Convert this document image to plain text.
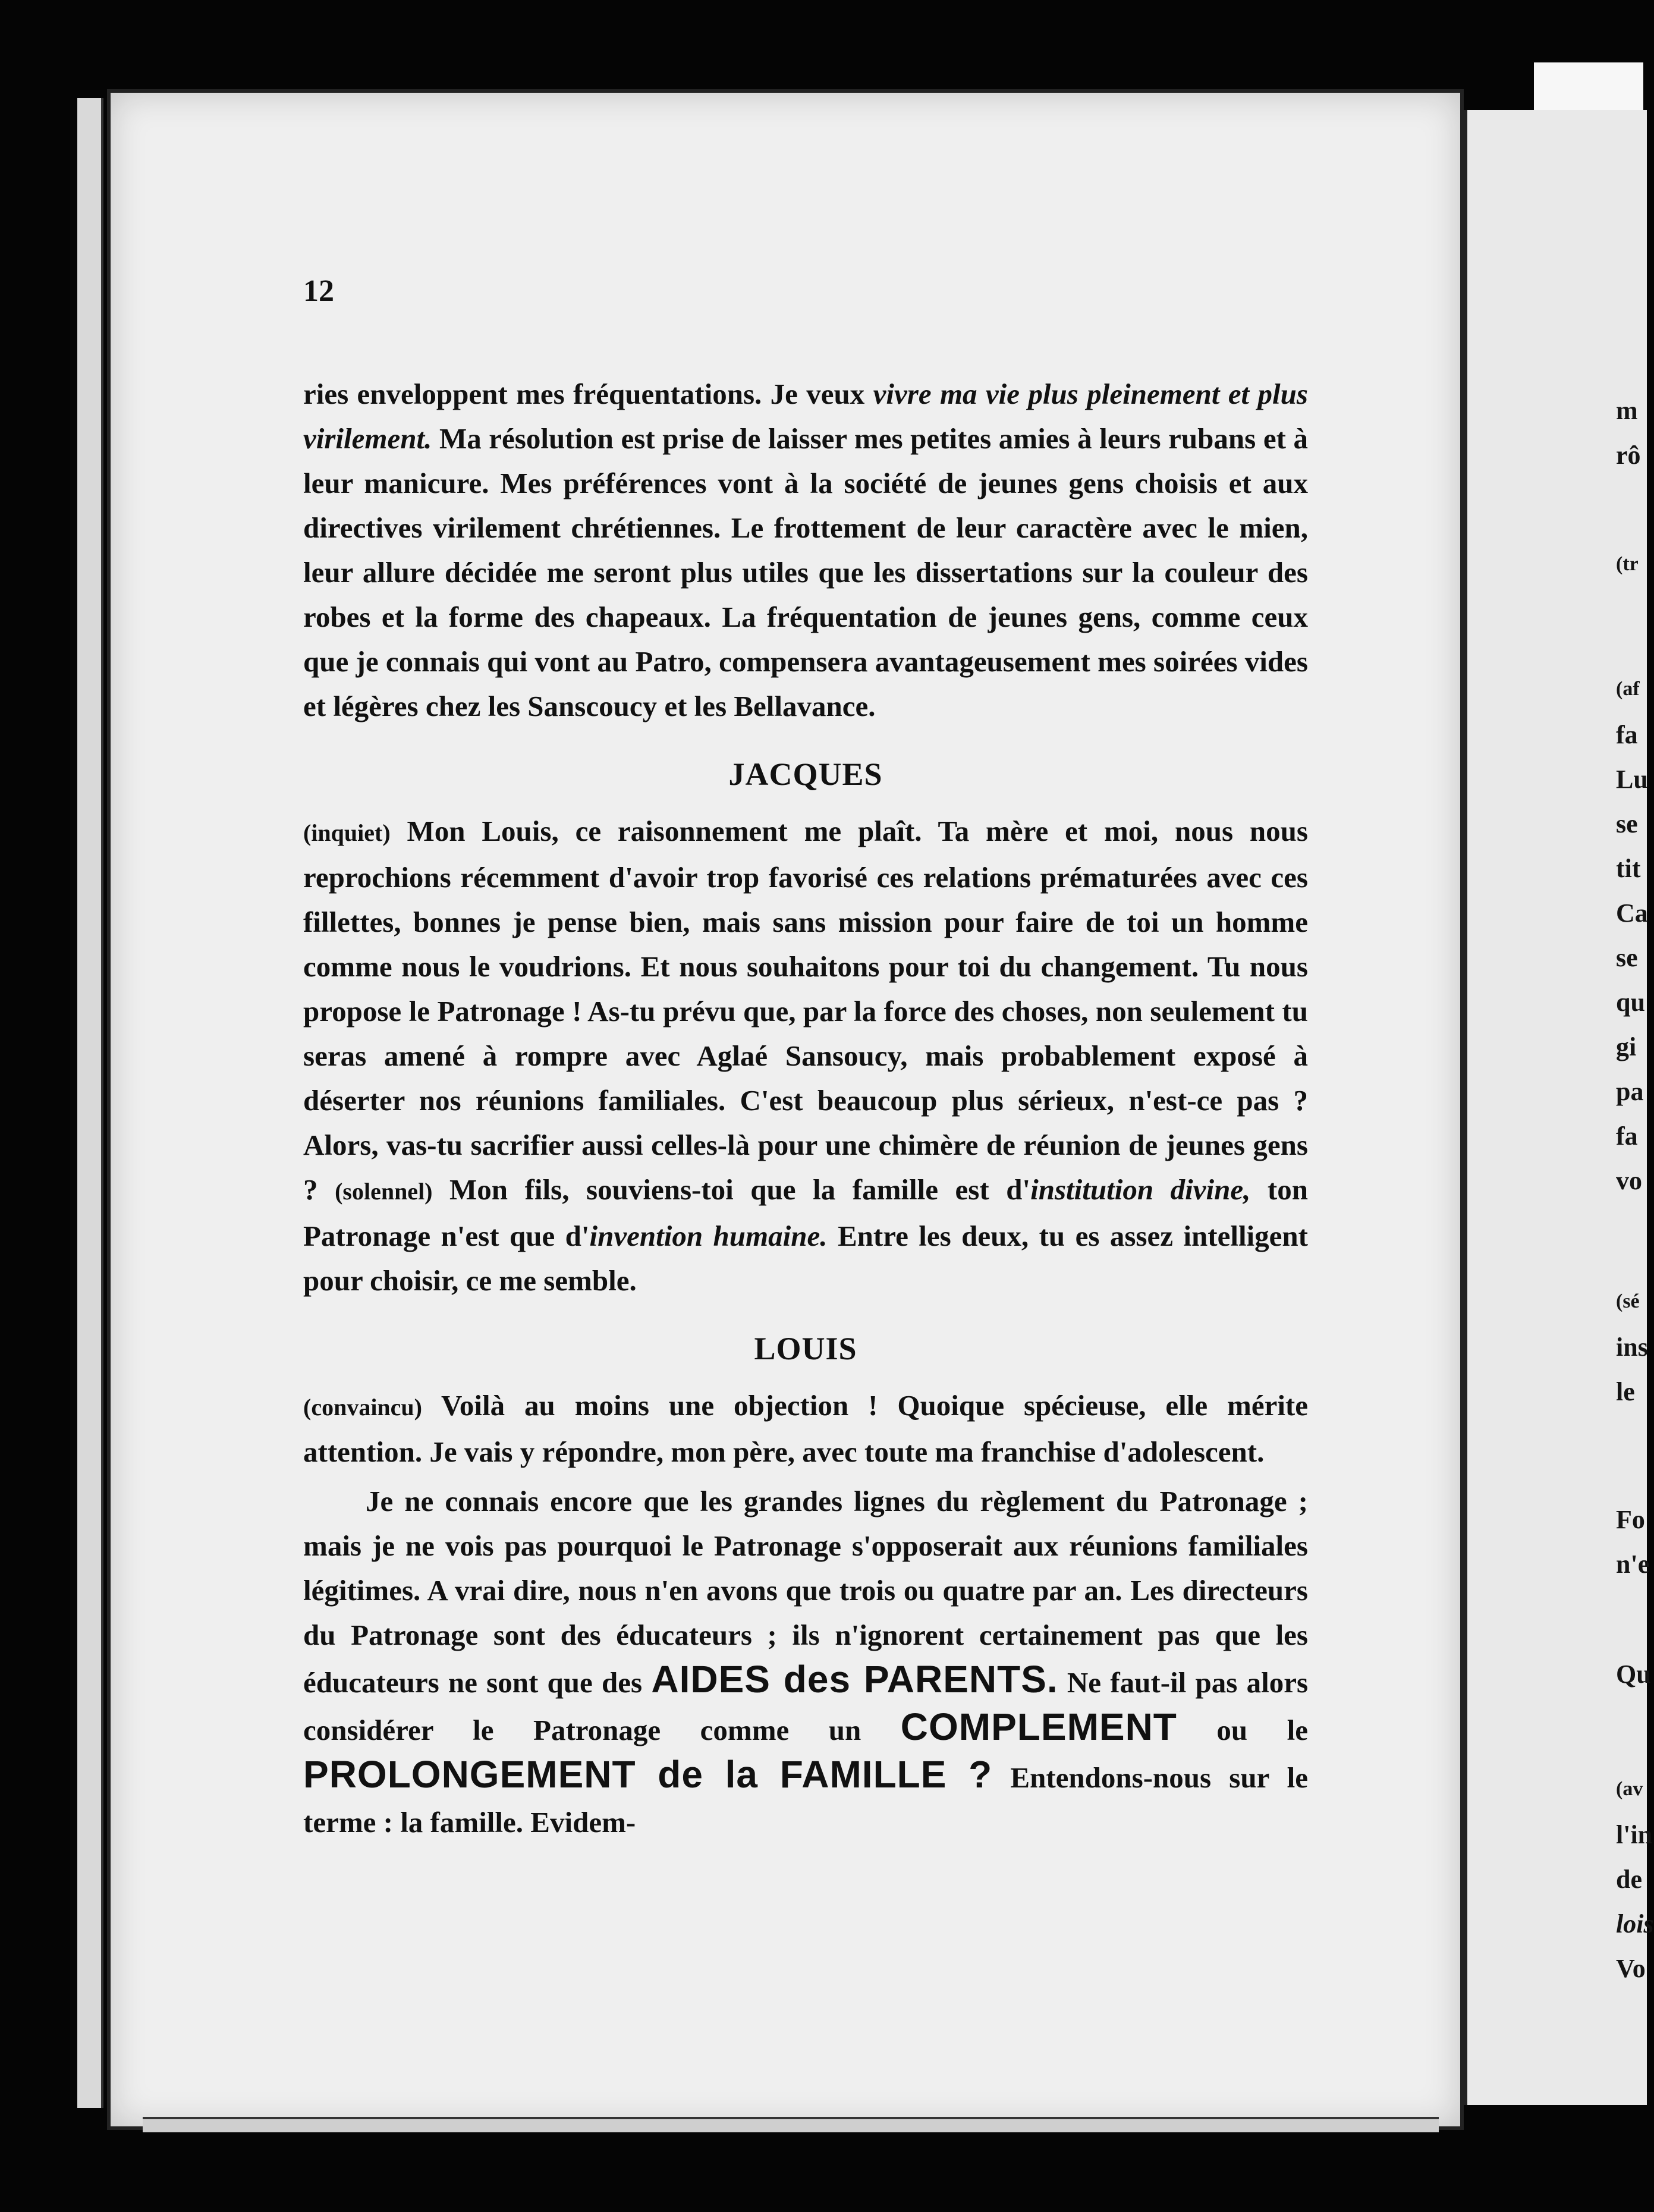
m
rô
(tr
(af
fa
Lu
se
tit
Ca
se
qu
gi
pa
fa
vo
(sé
ins
le
Fo
n'e
Qu
(av
l'in
de
lois
Vo
12

ries enveloppent mes fréquentations. Je veux vivre ma vie plus pleinement et plus virilement. Ma résolution est prise de laisser mes petites amies à leurs rubans et à leur manicure. Mes préférences vont à la société de jeunes gens choisis et aux directives virilement chrétiennes. Le frottement de leur caractère avec le mien, leur allure décidée me seront plus utiles que les dissertations sur la couleur des robes et la forme des chapeaux. La fréquentation de jeunes gens, comme ceux que je connais qui vont au Patro, compensera avantageusement mes soirées vides et légères chez les Sanscoucy et les Bellavance.

JACQUES

(inquiet) Mon Louis, ce raisonnement me plaît. Ta mère et moi, nous nous reprochions récemment d'avoir trop favorisé ces relations prématurées avec ces fillettes, bonnes je pense bien, mais sans mission pour faire de toi un homme comme nous le voudrions. Et nous souhaitons pour toi du changement. Tu nous propose le Patronage ! As-tu prévu que, par la force des choses, non seulement tu seras amené à rompre avec Aglaé Sansoucy, mais probablement exposé à déserter nos réunions familiales. C'est beaucoup plus sérieux, n'est-ce pas ? Alors, vas-tu sacrifier aussi celles-là pour une chimère de réunion de jeunes gens ? (solennel) Mon fils, souviens-toi que la famille est d'institution divine, ton Patronage n'est que d'invention humaine. Entre les deux, tu es assez intelligent pour choisir, ce me semble.

LOUIS

(convaincu) Voilà au moins une objection ! Quoique spécieuse, elle mérite attention. Je vais y répondre, mon père, avec toute ma franchise d'adolescent.

Je ne connais encore que les grandes lignes du règlement du Patronage ; mais je ne vois pas pourquoi le Patronage s'opposerait aux réunions familiales légitimes. A vrai dire, nous n'en avons que trois ou quatre par an. Les directeurs du Patronage sont des éducateurs ; ils n'ignorent certainement pas que les éducateurs ne sont que des AIDES des PARENTS. Ne faut-il pas alors considérer le Patronage comme un COMPLEMENT ou le PROLONGEMENT de la FAMILLE ? Entendons-nous sur le terme : la famille. Evidem-
